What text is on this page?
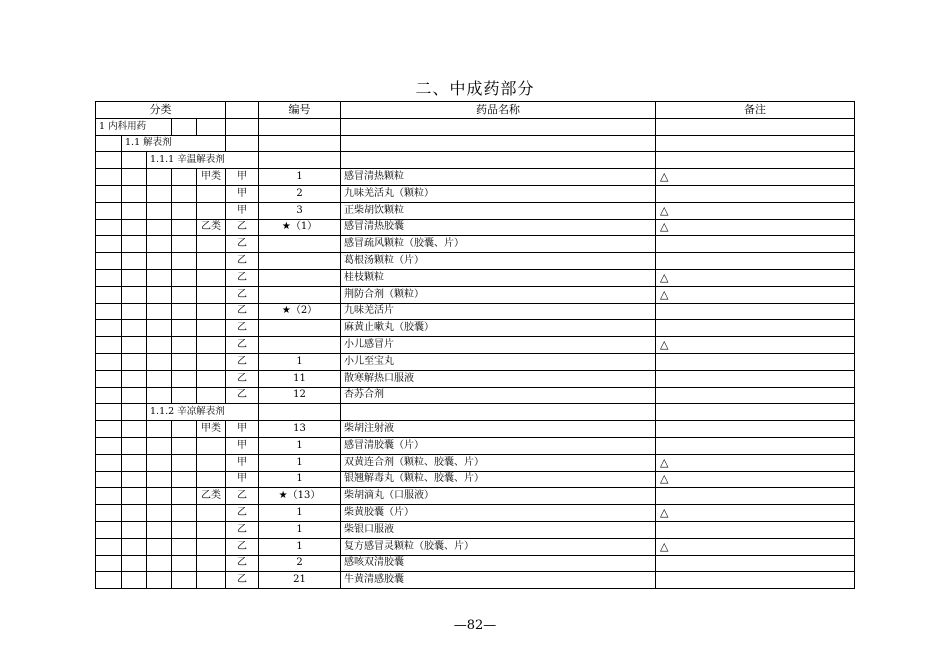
二、中成药部分
分类						编号	药品名称	备注
1 内科用药								
	1.1 解表剂							
		1.1.1 辛温解表剂						
				甲类	甲	1	感冒清热颗粒	△
					甲	2	九味羌活丸（颗粒）	
					甲	3	正柴胡饮颗粒	△
				乙类	乙	★（1）	感冒清热胶囊	△
					乙		感冒疏风颗粒（胶囊、片）	
					乙		葛根汤颗粒（片）	
					乙		桂枝颗粒	△
					乙		荆防合剂（颗粒）	△
					乙	★（2）	九味羌活片	
					乙		麻黄止嗽丸（胶囊）	
					乙		小儿感冒片	△
					乙	1	小儿至宝丸	
					乙	11	散寒解热口服液	
					乙	12	杏苏合剂	
		1.1.2 辛凉解表剂						
				甲类	甲	13	柴胡注射液	
					甲	1	感冒清胶囊（片）	
					甲	1	双黄连合剂（颗粒、胶囊、片）	△
					甲	1	银翘解毒丸（颗粒、胶囊、片）	△
				乙类	乙	★（13）	柴胡滴丸（口服液）	
					乙	1	柴黄胶囊（片）	△
					乙	1	柴银口服液	
					乙	1	复方感冒灵颗粒（胶囊、片）	△
					乙	2	感咳双清胶囊	
					乙	21	牛黄清感胶囊	
—82—
